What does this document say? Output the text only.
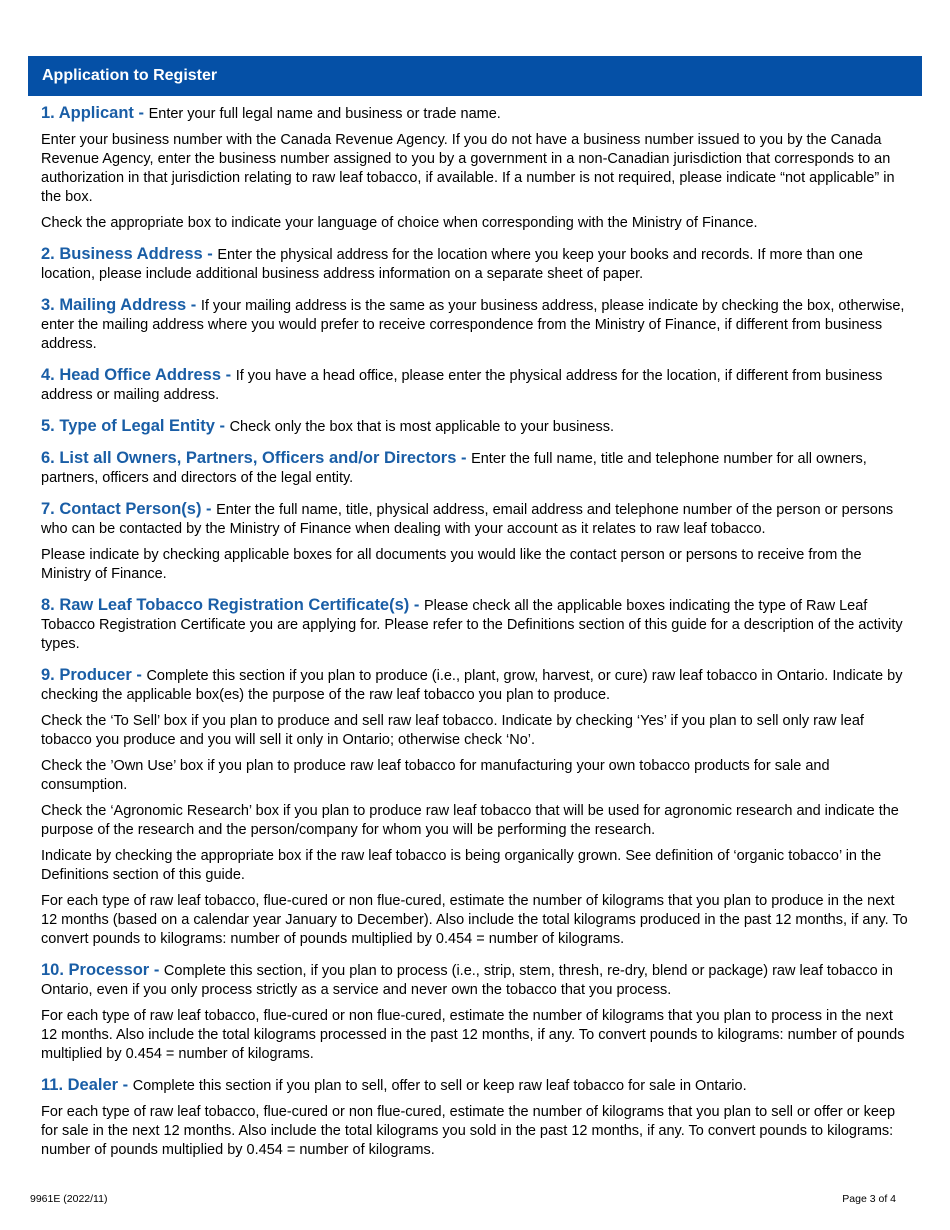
Application to Register

1. Applicant - Enter your full legal name and business or trade name.

Enter your business number with the Canada Revenue Agency. If you do not have a business number issued to you by the Canada Revenue Agency, enter the business number assigned to you by a government in a non-Canadian jurisdiction that corresponds to an authorization in that jurisdiction relating to raw leaf tobacco, if available. If a number is not required, please indicate “not applicable” in the box.

Check the appropriate box to indicate your language of choice when corresponding with the Ministry of Finance.

2. Business Address - Enter the physical address for the location where you keep your books and records. If more than one location, please include additional business address information on a separate sheet of paper.

3. Mailing Address - If your mailing address is the same as your business address, please indicate by checking the box, otherwise, enter the mailing address where you would prefer to receive correspondence from the Ministry of Finance, if different from business address.

4. Head Office Address - If you have a head office, please enter the physical address for the location, if different from business address or mailing address.

5. Type of Legal Entity - Check only the box that is most applicable to your business.

6. List all Owners, Partners, Officers and/or Directors - Enter the full name, title and telephone number for all owners, partners, officers and directors of the legal entity.

7. Contact Person(s) - Enter the full name, title, physical address, email address and telephone number of the person or persons who can be contacted by the Ministry of Finance when dealing with your account as it relates to raw leaf tobacco.

Please indicate by checking applicable boxes for all documents you would like the contact person or persons to receive from the Ministry of Finance.

8. Raw Leaf Tobacco Registration Certificate(s) - Please check all the applicable boxes indicating the type of Raw Leaf Tobacco Registration Certificate you are applying for. Please refer to the Definitions section of this guide for a description of the activity types.

9. Producer - Complete this section if you plan to produce (i.e., plant, grow, harvest, or cure) raw leaf tobacco in Ontario. Indicate by checking the applicable box(es) the purpose of the raw leaf tobacco you plan to produce.

Check the ‘To Sell’ box if you plan to produce and sell raw leaf tobacco. Indicate by checking ‘Yes’ if you plan to sell only raw leaf tobacco you produce and you will sell it only in Ontario; otherwise check ‘No’.

Check the ’Own Use’ box if you plan to produce raw leaf tobacco for manufacturing your own tobacco products for sale and consumption.

Check the ‘Agronomic Research’ box if you plan to produce raw leaf tobacco that will be used for agronomic research and indicate the purpose of the research and the person/company for whom you will be performing the research.

Indicate by checking the appropriate box if the raw leaf tobacco is being organically grown. See definition of ‘organic tobacco’ in the Definitions section of this guide.

For each type of raw leaf tobacco, flue-cured or non flue-cured, estimate the number of kilograms that you plan to produce in the next 12 months (based on a calendar year January to December). Also include the total kilograms produced in the past 12 months, if any. To convert pounds to kilograms: number of pounds multiplied by 0.454 = number of kilograms.

10. Processor - Complete this section, if you plan to process (i.e., strip, stem, thresh, re-dry, blend or package) raw leaf tobacco in Ontario, even if you only process strictly as a service and never own the tobacco that you process.

For each type of raw leaf tobacco, flue-cured or non flue-cured, estimate the number of kilograms that you plan to process in the next 12 months. Also include the total kilograms processed in the past 12 months, if any. To convert pounds to kilograms: number of pounds multiplied by 0.454 = number of kilograms.

11. Dealer - Complete this section if you plan to sell, offer to sell or keep raw leaf tobacco for sale in Ontario.

For each type of raw leaf tobacco, flue-cured or non flue-cured, estimate the number of kilograms that you plan to sell or offer or keep for sale in the next 12 months. Also include the total kilograms you sold in the past 12 months, if any. To convert pounds to kilograms: number of pounds multiplied by 0.454 = number of kilograms.

9961E (2022/11)	Page 3 of 4
